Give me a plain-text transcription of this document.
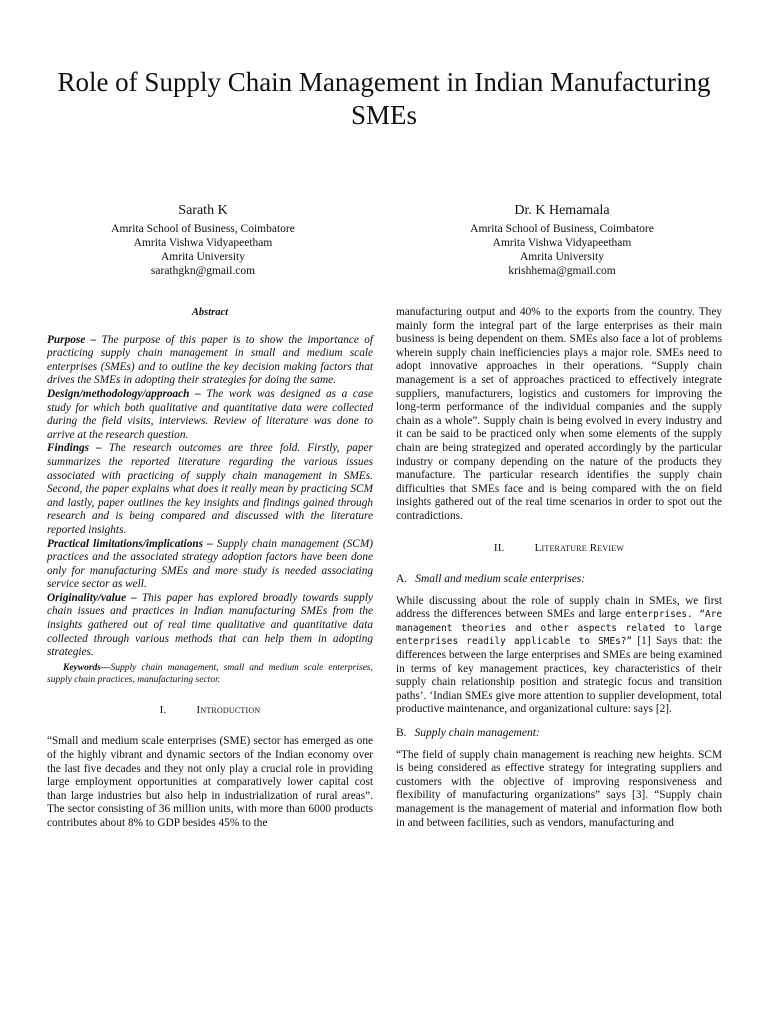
Role of Supply Chain Management in Indian Manufacturing SMEs
Sarath K
Amrita School of Business, Coimbatore
Amrita Vishwa Vidyapeetham
Amrita University
sarathgkn@gmail.com
Dr. K Hemamala
Amrita School of Business, Coimbatore
Amrita Vishwa Vidyapeetham
Amrita University
krishhema@gmail.com
Abstract

Purpose – The purpose of this paper is to show the importance of practicing supply chain management in small and medium scale enterprises (SMEs) and to outline the key decision making factors that drives the SMEs in adopting their strategies for doing the same.

Design/methodology/approach – The work was designed as a case study for which both qualitative and quantitative data were collected during the field visits, interviews. Review of literature was done to arrive at the research question.

Findings – The research outcomes are three fold. Firstly, paper summarizes the reported literature regarding the various issues associated with practicing of supply chain management in SMEs. Second, the paper explains what does it really mean by practicing SCM and lastly, paper outlines the key insights and findings gained through research and is being compared and discussed with the literature reported insights.

Practical limitations/implications – Supply chain management (SCM) practices and the associated strategy adoption factors have been done only for manufacturing SMEs and more study is needed associating service sector as well.

Originality/value – This paper has explored broadly towards supply chain issues and practices in Indian manufacturing SMEs from the insights gathered out of real time qualitative and quantitative data collected through various methods that can help them in adopting strategies.

Keywords—Supply chain management, small and medium scale enterprises, supply chain practices, manufacturing sector.

I.	Introduction

“Small and medium scale enterprises (SME) sector has emerged as one of the highly vibrant and dynamic sectors of the Indian economy over the last five decades and they not only play a crucial role in providing large employment opportunities at comparatively lower capital cost than large industries but also help in industrialization of rural areas”. The sector consisting of 36 million units, with more than 6000 products contributes about 8% to GDP besides 45% to the

manufacturing output and 40% to the exports from the country. They mainly form the integral part of the large enterprises as their main business is being dependent on them. SMEs also face a lot of problems wherein supply chain inefficiencies plays a major role. SMEs need to adopt innovative approaches in their operations. “Supply chain management is a set of approaches practiced to effectively integrate suppliers, manufacturers, logistics and customers for improving the long-term performance of the individual companies and the supply chain as a whole”. Supply chain is being evolved in every industry and it can be said to be practiced only when some elements of the supply chain are being strategized and operated accordingly by the particular industry or company depending on the nature of the products they manufacture. The particular research identifies the supply chain difficulties that SMEs face and is being compared with the on field insights gathered out of the real time scenarios in order to spot out the contradictions.

II.	Literature Review
A. Small and medium scale enterprises:

While discussing about the role of supply chain in SMEs, we first address the differences between SMEs and large enterprises. “Are management theories and other aspects related to large enterprises readily applicable to SMEs?” [1] Says that: the differences between the large enterprises and SMEs are being examined in terms of key management practices, key characteristics of their supply chain relationship position and strategic focus and transition paths’. ‘Indian SMEs give more attention to supplier development, total productive maintenance, and organizational culture: says [2].

B. Supply chain management:

“The field of supply chain management is reaching new heights. SCM is being considered as effective strategy for integrating suppliers and customers with the objective of improving responsiveness and flexibility of manufacturing organizations” says [3]. “Supply chain management is the management of material and information flow both in and between facilities, such as vendors, manufacturing and
